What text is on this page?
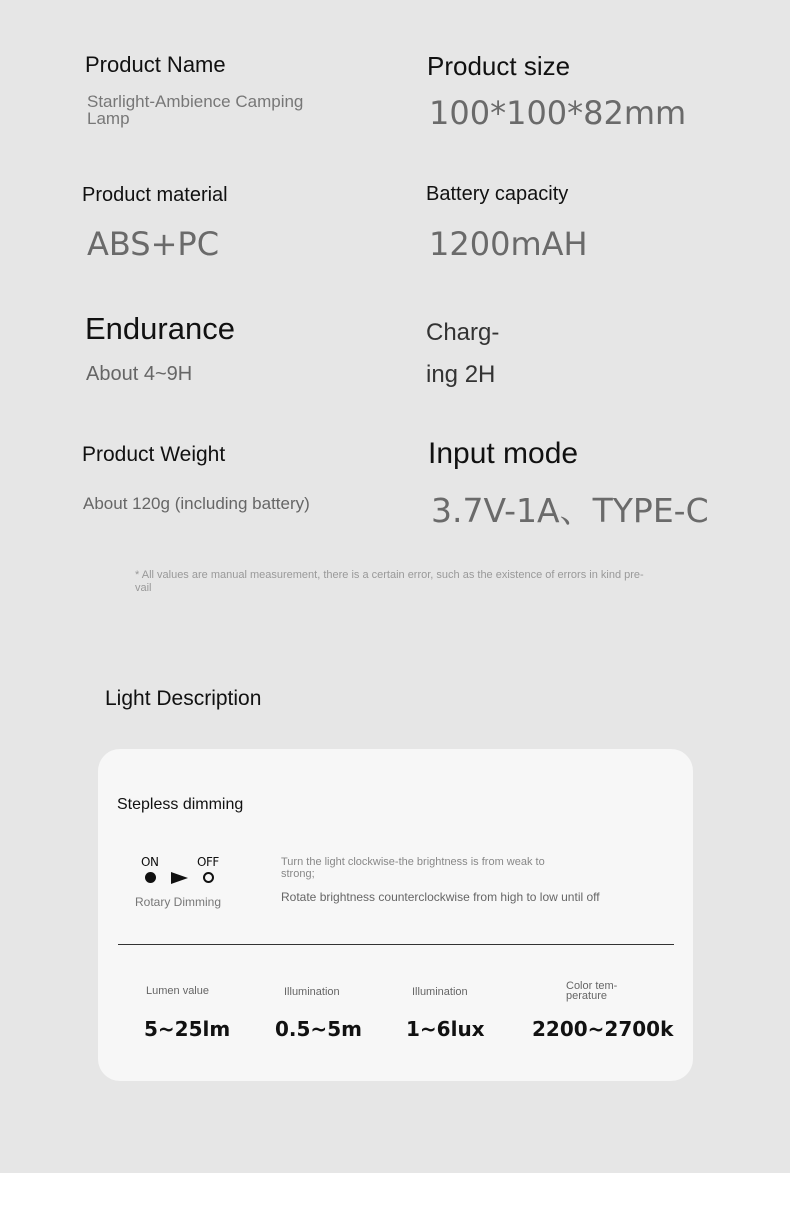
Product Name
Starlight-Ambience Camping
Lamp
Product size
100*100*82mm
Product material
ABS+PC
Battery capacity
1200mAH
Endurance
About 4~9H
Charg-
ing 2H
Product Weight
About 120g (including battery)
Input mode
3.7V-1A、TYPE-C
* All values are manual measurement, there is a certain error, such as the existence of errors in kind pre-
vail
Light Description
Stepless dimming
ON	OFF
Rotary Dimming
Turn the light clockwise-the brightness is from weak to
strong;
Rotate brightness counterclockwise from high to low until off
Lumen value
5~25lm
Illumination
0.5~5m
Illumination
1~6lux
Color tem-
perature
2200~2700k
